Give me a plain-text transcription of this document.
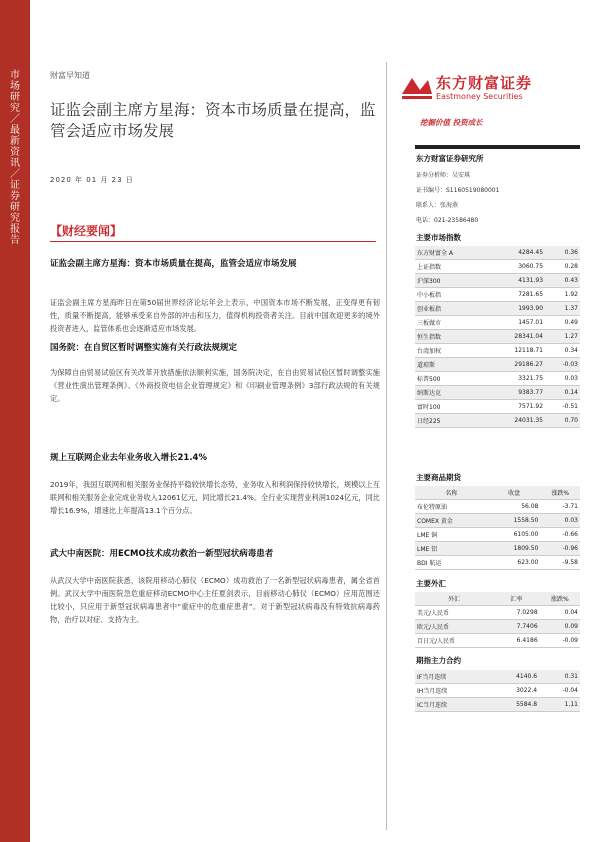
市场研究／最新资讯／证券研究报告
财富早知道
证监会副主席方星海：资本市场质量在提高，监管会适应市场发展
2020 年 01 月 23 日
东方财富证券
Eastmoney Securities
挖掘价值 投资成长
【财经要闻】
证监会副主席方星海：资本市场质量在提高，监管会适应市场发展
证监会副主席方星海昨日在第50届世界经济论坛年会上表示，中国资本市场不断发展，正变得更有韧性，质量不断提高，能够承受来自外部的冲击和压力，值得机构投资者关注。目前中国欢迎更多的境外投资者进入，监管体系也会逐渐适应市场发展。
国务院：在自贸区暂时调整实施有关行政法规规定
为保障自由贸易试验区有关改革开放措施依法顺利实施，国务院决定，在自由贸易试验区暂时调整实施《营业性演出管理条例》、《外商投资电信企业管理规定》和《印刷业管理条例》3部行政法规的有关规定。
规上互联网企业去年业务收入增长21.4%
2019年，我国互联网和相关服务业保持平稳较快增长态势，业务收入和利润保持较快增长，规模以上互联网和相关服务企业完成业务收入12061亿元，同比增长21.4%。全行业实现营业利润1024亿元，同比增长16.9%，增速比上年提高13.1个百分点。
武大中南医院：用ECMO技术成功救治一新型冠状病毒患者
从武汉大学中南医院获悉，该院用移动心肺仪（ECMO）成功救治了一名新型冠状病毒患者，属全省首例。武汉大学中南医院急危重症移动ECMO中心主任夏剑表示，目前移动心肺仪（ECMO）应用范围还比较小，只应用于新型冠状病毒患者中“重症中的危重症患者”。对于新型冠状病毒没有特效抗病毒药物，治疗以对症、支持为主。
东方财富证券研究所
证券分析师：吴安琪
证书编号：S1160519080001
联系人：张海燕
电话：021-23586480
主要市场指数
东方财富全 A	4284.45	0.36
上证指数	3060.75	0.28
沪深300	4131.93	0.43
中小板指	7281.65	1.92
创业板指	1993.90	1.37
三板做市	1457.01	0.49
恒生指数	28341.04	1.27
台湾加权	12118.71	0.34
道琼斯	29186.27	-0.03
标普500	3321.75	0.03
纳斯达克	9383.77	0.14
富时100	7571.92	-0.51
日经225	24031.35	0.70
主要商品期货
名称	收盘	涨跌%
布伦特原油	56.08	-3.71
COMEX 黄金	1558.50	0.03
LME 铜	6105.00	-0.66
LME 铝	1809.50	-0.96
BDI 航运	623.00	-9.58
主要外汇
外汇	汇率	涨跌%
美元/人民币	7.0298	0.04
欧元/人民币	7.7406	0.09
百日元/人民币	6.4186	-0.09
期指主力合约
IF当月连续	4140.6	0.31
IH当月连续	3022.4	-0.04
IC当月连续	5584.8	1.11
